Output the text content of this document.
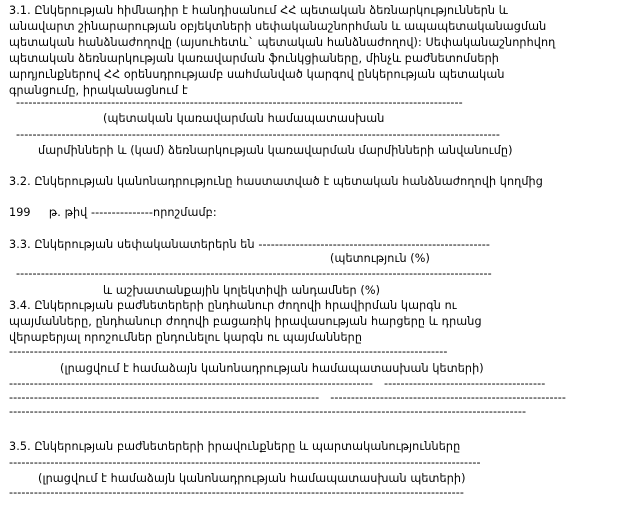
3.1. Ընկերության հիմնադիր է հանդիսանում ՀՀ պետական ձեռնարկություններն և
անավարտ շինարարության օբյեկտների սեփականաշնորհման և ապապետականացման
պետական հանձնաժողովը (այսուհետև` պետական հանձնաժողով): Սեփականաշնորհվող
պետական ձեռնարկության կառավարման ֆունկցիաները, մինչև բաժնետոմսերի
արդյունքներով ՀՀ օրենսդրությամբ սահմանված կարգով ընկերության պետական
գրանցումը, իրականացնում է
------------------------------------------------------------------------------------------------------------
(պետական կառավարման համապատասխան
---------------------------------------------------------------------------------------------------------------------
մարմինների և (կամ) ձեռնարկության կառավարման մարմինների անվանումը)
3.2. Ընկերության կանոնադրությունը հաստատված է պետական հանձնաժողովի կողմից
199     թ. թիվ ---------------որոշմամբ:
3.3. Ընկերության սեփականատերերն են --------------------------------------------------------
(պետություն (%)
-------------------------------------------------------------------------------------------------------------------
և աշխատանքային կոլեկտիվի անդամներ (%)
3.4. Ընկերության բաժնետերերի ընդհանուր ժողովի հրավիրման կարգն ու
պայմանները, ընդհանուր ժողովի բացառիկ իրավասության հարցերը և դրանց
վերաբերյալ որոշումներ ընդունելու կարգն ու պայմանները
----------------------------------------------------------------------------------------------------------
(լրացվում է համաձայն կանոնադրության համապատասխան կետերի)
----------------------------------------------------------------------------------------   ---------------------------------------
---------------------------------------------------------------------------   ---------------------------------------------------------
-----------------------------------------------------------------------------------------------------------------------------
3.5. Ընկերության բաժնետերերի իրավունքները և պարտականությունները
------------------------------------------------------------------------------------------------------------------
(լրացվում է համաձայն կանոնադրության համապատասխան պետերի)
--------------------------------------------------------------------------------------------------------------
